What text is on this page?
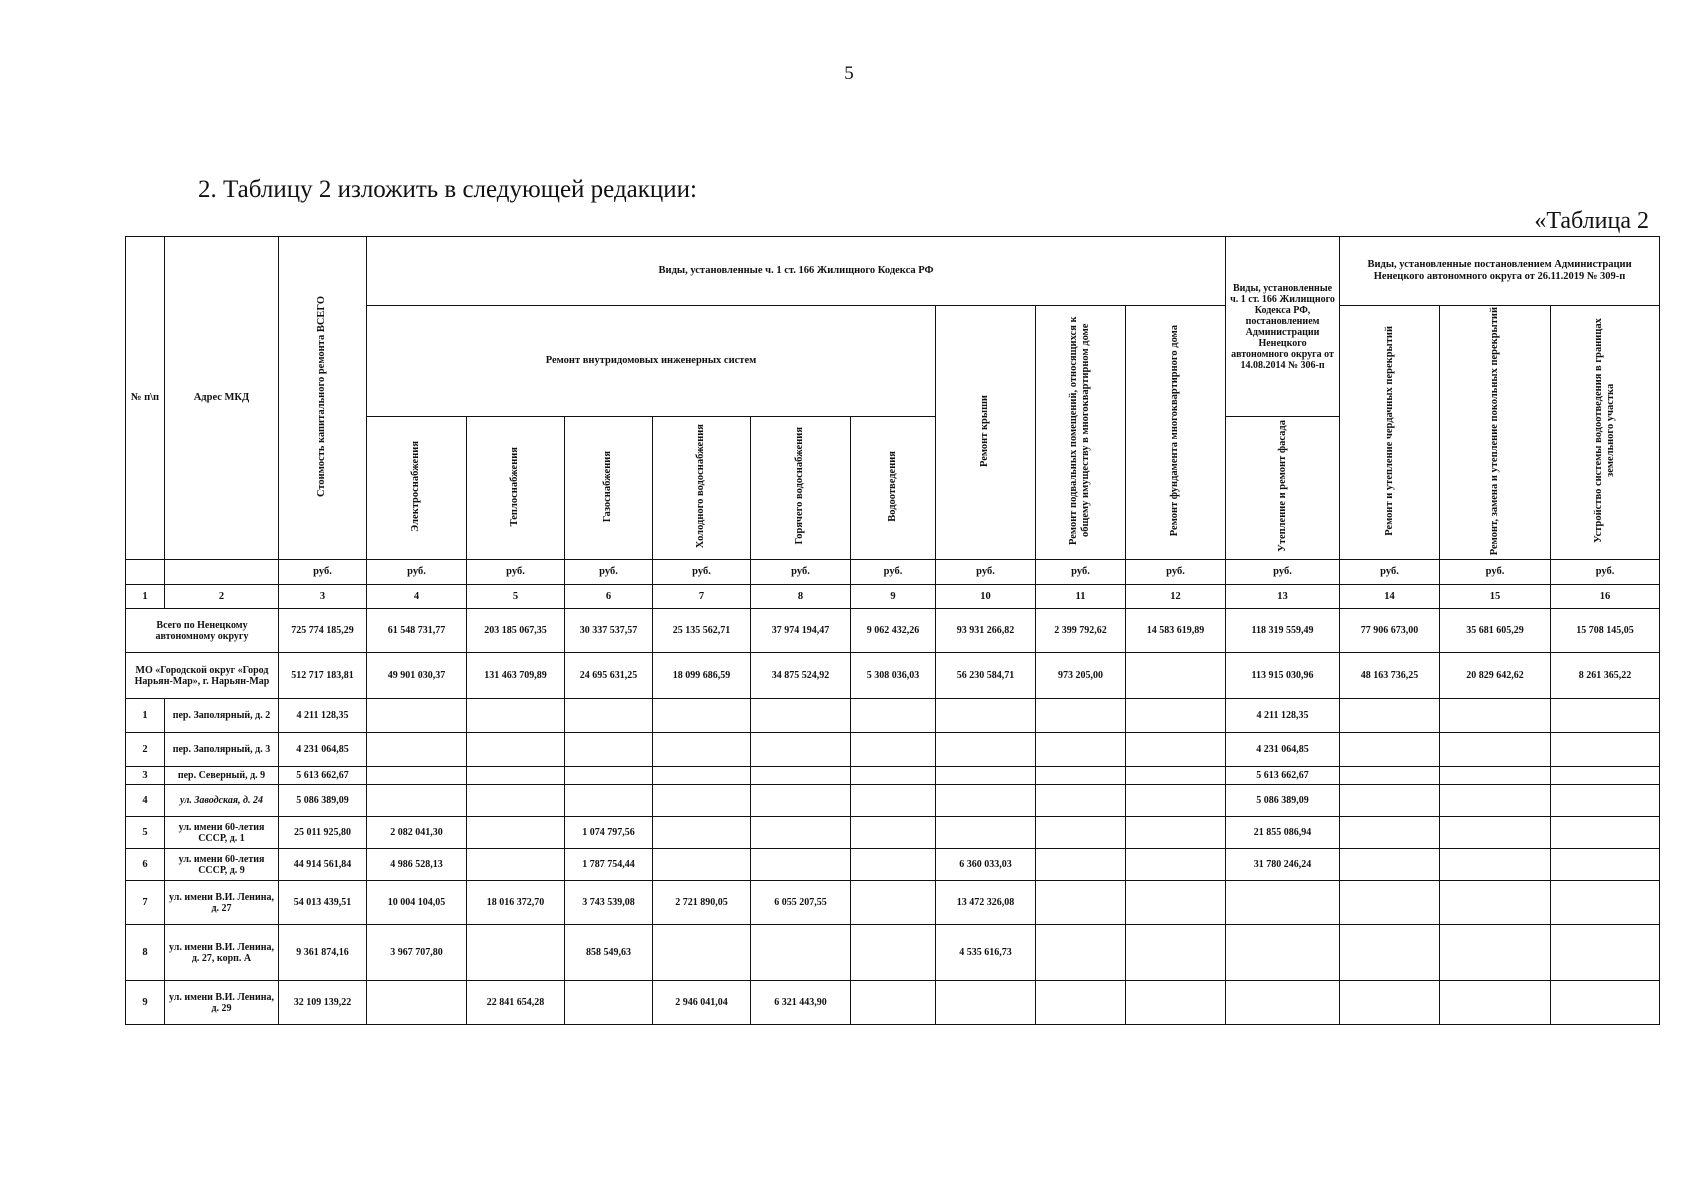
5
2. Таблицу 2 изложить в следующей редакции:
«Таблица 2
№ п\п	Адрес МКД	Стоимость капитального ремонта ВСЕГО	Виды, установленные ч. 1 ст. 166 Жилищного Кодекса РФ									Виды, установленные ч. 1 ст. 166 Жилищного Кодекса РФ, постановлением Администрации Ненецкого автономного округа от 14.08.2014 № 306-п	Виды, установленные постановлением Администрации Ненецкого автономного округа от 26.11.2019 № 309-п		
			Ремонт внутридомовых инженерных систем						Ремонт крыши	Ремонт подвальных помещений, относящихся к общему имуществу в многоквартирном доме	Ремонт фундамента многоквартирного дома		Ремонт и утепление чердачных перекрытий	Ремонт, замена и утепление покольных перекрытий	Устройство системы водоотведения в границах земельного участка
			Электроснабжения	Теплоснабжения	Газоснабжения	Холодного водоснабжения	Горячего водоснабжения	Водоотведения				Утепление и ремонт фасада			
		руб.	руб.	руб.	руб.	руб.	руб.	руб.	руб.	руб.	руб.	руб.	руб.	руб.	руб.
1	2	3	4	5	6	7	8	9	10	11	12	13	14	15	16
Всего по Ненецкому автономному округу		725 774 185,29	61 548 731,77	203 185 067,35	30 337 537,57	25 135 562,71	37 974 194,47	9 062 432,26	93 931 266,82	2 399 792,62	14 583 619,89	118 319 559,49	77 906 673,00	35 681 605,29	15 708 145,05
МО «Городской округ «Город Нарьян-Мар», г. Нарьян-Мар		512 717 183,81	49 901 030,37	131 463 709,89	24 695 631,25	18 099 686,59	34 875 524,92	5 308 036,03	56 230 584,71	973 205,00		113 915 030,96	48 163 736,25	20 829 642,62	8 261 365,22
1	пер. Заполярный, д. 2	4 211 128,35										4 211 128,35			
2	пер. Заполярный, д. 3	4 231 064,85										4 231 064,85			
3	пер. Северный, д. 9	5 613 662,67										5 613 662,67			
4	ул. Заводская, д. 24	5 086 389,09										5 086 389,09			
5	ул. имени 60-летия СССР, д. 1	25 011 925,80	2 082 041,30		1 074 797,56							21 855 086,94			
6	ул. имени 60-летия СССР, д. 9	44 914 561,84	4 986 528,13		1 787 754,44				6 360 033,03			31 780 246,24			
7	ул. имени В.И. Ленина, д. 27	54 013 439,51	10 004 104,05	18 016 372,70	3 743 539,08	2 721 890,05	6 055 207,55		13 472 326,08						
8	ул. имени В.И. Ленина, д. 27, корп. А	9 361 874,16	3 967 707,80		858 549,63				4 535 616,73						
9	ул. имени В.И. Ленина, д. 29	32 109 139,22		22 841 654,28		2 946 041,04	6 321 443,90								
